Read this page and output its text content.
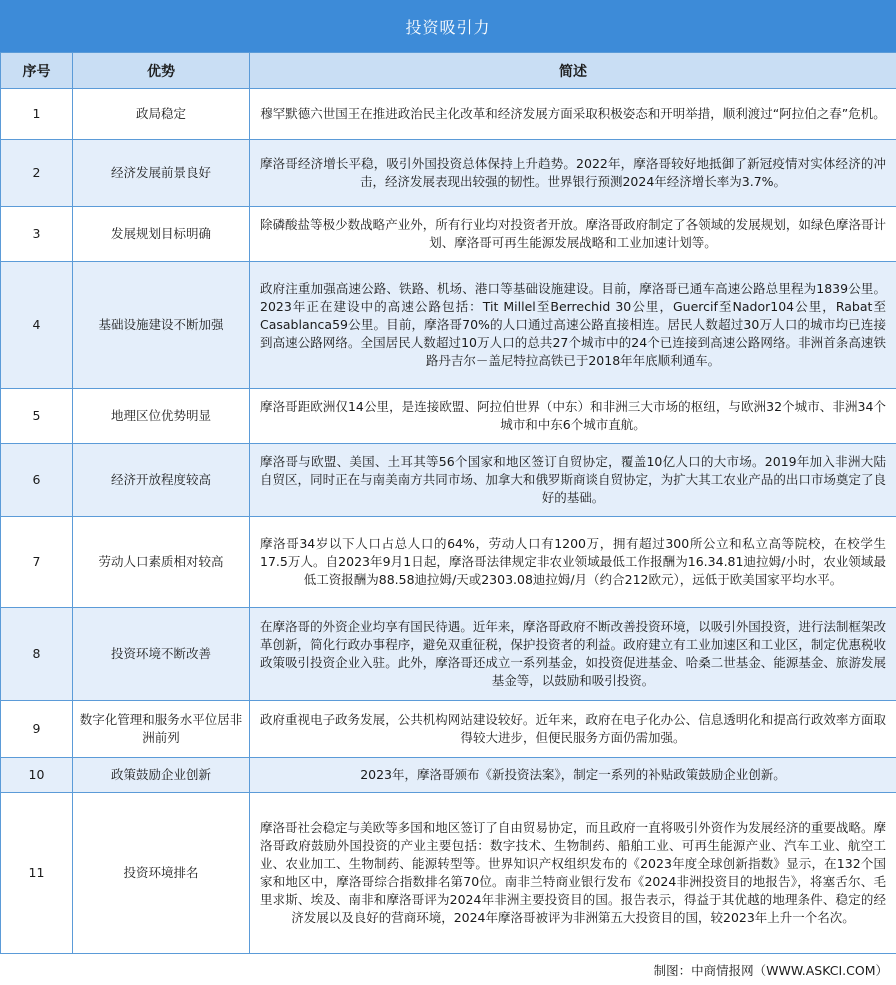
投资吸引力
序号	优势	简述
1	政局稳定	穆罕默德六世国王在推进政治民主化改革和经济发展方面采取积极姿态和开明举措，顺利渡过“阿拉伯之春”危机。
2	经济发展前景良好	摩洛哥经济增长平稳，吸引外国投资总体保持上升趋势。2022年，摩洛哥较好地抵御了新冠疫情对实体经济的冲击，经济发展表现出较强的韧性。世界银行预测2024年经济增长率为3.7%。
3	发展规划目标明确	除磷酸盐等极少数战略产业外，所有行业均对投资者开放。摩洛哥政府制定了各领域的发展规划，如绿色摩洛哥计划、摩洛哥可再生能源发展战略和工业加速计划等。
4	基础设施建设不断加强	政府注重加强高速公路、铁路、机场、港口等基础设施建设。目前，摩洛哥已通车高速公路总里程为1839公里。2023年正在建设中的高速公路包括：Tit Millel至Berrechid 30公里，Guercif至Nador104公里，Rabat至Casablanca59公里。目前，摩洛哥70%的人口通过高速公路直接相连。居民人数超过30万人口的城市均已连接到高速公路网络。全国居民人数超过10万人口的总共27个城市中的24个已连接到高速公路网络。非洲首条高速铁路丹吉尔－盖尼特拉高铁已于2018年年底顺利通车。
5	地理区位优势明显	摩洛哥距欧洲仅14公里，是连接欧盟、阿拉伯世界（中东）和非洲三大市场的枢纽，与欧洲32个城市、非洲34个城市和中东6个城市直航。
6	经济开放程度较高	摩洛哥与欧盟、美国、土耳其等56个国家和地区签订自贸协定，覆盖10亿人口的大市场。2019年加入非洲大陆自贸区，同时正在与南美南方共同市场、加拿大和俄罗斯商谈自贸协定，为扩大其工农业产品的出口市场奠定了良好的基础。
7	劳动人口素质相对较高	摩洛哥34岁以下人口占总人口的64%，劳动人口有1200万，拥有超过300所公立和私立高等院校，在校学生17.5万人。自2023年9月1日起，摩洛哥法律规定非农业领域最低工作报酬为16.34.81迪拉姆/小时，农业领域最低工资报酬为88.58迪拉姆/天或2303.08迪拉姆/月（约合212欧元），远低于欧美国家平均水平。
8	投资环境不断改善	在摩洛哥的外资企业均享有国民待遇。近年来，摩洛哥政府不断改善投资环境，以吸引外国投资，进行法制框架改革创新，简化行政办事程序，避免双重征税，保护投资者的利益。政府建立有工业加速区和工业区，制定优惠税收政策吸引投资企业入驻。此外，摩洛哥还成立一系列基金，如投资促进基金、哈桑二世基金、能源基金、旅游发展基金等，以鼓励和吸引投资。
9	数字化管理和服务水平位居非洲前列	政府重视电子政务发展，公共机构网站建设较好。近年来，政府在电子化办公、信息透明化和提高行政效率方面取得较大进步，但便民服务方面仍需加强。
10	政策鼓励企业创新	2023年，摩洛哥颁布《新投资法案》，制定一系列的补贴政策鼓励企业创新。
11	投资环境排名	摩洛哥社会稳定与美欧等多国和地区签订了自由贸易协定，而且政府一直将吸引外资作为发展经济的重要战略。摩洛哥政府鼓励外国投资的产业主要包括：数字技术、生物制药、船舶工业、可再生能源产业、汽车工业、航空工业、农业加工、生物制药、能源转型等。世界知识产权组织发布的《2023年度全球创新指数》显示，在132个国家和地区中，摩洛哥综合指数排名第70位。南非兰特商业银行发布《2024非洲投资目的地报告》，将塞舌尔、毛里求斯、埃及、南非和摩洛哥评为2024年非洲主要投资目的国。报告表示，得益于其优越的地理条件、稳定的经济发展以及良好的营商环境，2024年摩洛哥被评为非洲第五大投资目的国，较2023年上升一个名次。
制图：中商情报网（WWW.ASKCI.COM）
